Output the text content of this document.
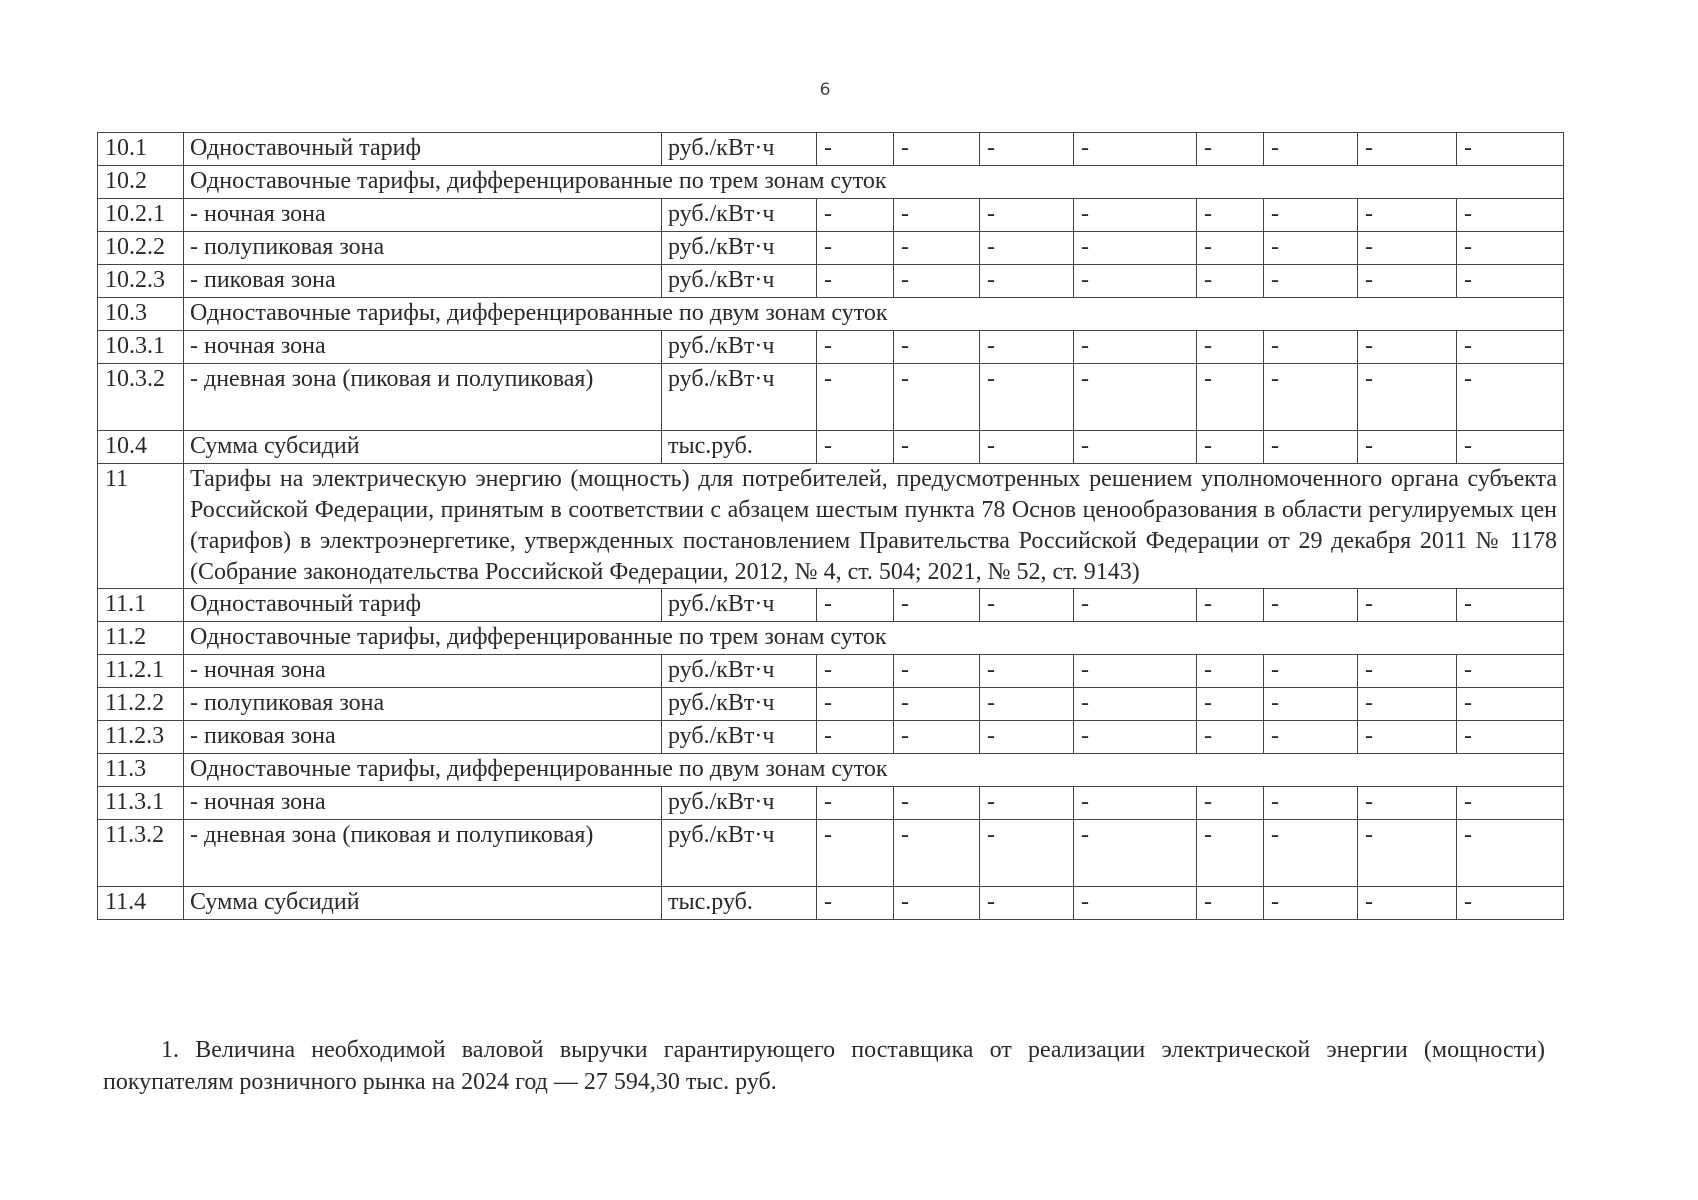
6
10.1	Одноставочный тариф	руб./кВт·ч	-	-	-	-	-	-	-	-
10.2	Одноставочные тарифы, дифференцированные по трем зонам суток									
10.2.1	- ночная зона	руб./кВт·ч	-	-	-	-	-	-	-	-
10.2.2	- полупиковая зона	руб./кВт·ч	-	-	-	-	-	-	-	-
10.2.3	- пиковая зона	руб./кВт·ч	-	-	-	-	-	-	-	-
10.3	Одноставочные тарифы, дифференцированные по двум зонам суток									
10.3.1	- ночная зона	руб./кВт·ч	-	-	-	-	-	-	-	-
10.3.2	- дневная зона (пиковая и полупиковая)	руб./кВт·ч	-	-	-	-	-	-	-	-
10.4	Сумма субсидий	тыс.руб.	-	-	-	-	-	-	-	-
11	Тарифы на электрическую энергию (мощность) для потребителей, предусмотренных решением уполномоченного органа субъекта Российской Федерации, принятым в соответствии с абзацем шестым пункта 78 Основ ценообразования в области регулируемых цен (тарифов) в электроэнергетике, утвержденных постановлением Правительства Российской Федерации от 29 декабря 2011 № 1178 (Собрание законодательства Российской Федерации, 2012, № 4, ст. 504; 2021, № 52, ст. 9143)									
11.1	Одноставочный тариф	руб./кВт·ч	-	-	-	-	-	-	-	-
11.2	Одноставочные тарифы, дифференцированные по трем зонам суток									
11.2.1	- ночная зона	руб./кВт·ч	-	-	-	-	-	-	-	-
11.2.2	- полупиковая зона	руб./кВт·ч	-	-	-	-	-	-	-	-
11.2.3	- пиковая зона	руб./кВт·ч	-	-	-	-	-	-	-	-
11.3	Одноставочные тарифы, дифференцированные по двум зонам суток									
11.3.1	- ночная зона	руб./кВт·ч	-	-	-	-	-	-	-	-
11.3.2	- дневная зона (пиковая и полупиковая)	руб./кВт·ч	-	-	-	-	-	-	-	-
11.4	Сумма субсидий	тыс.руб.	-	-	-	-	-	-	-	-

1. Величина необходимой валовой выручки гарантирующего поставщика от реализации электрической энергии (мощности) покупателям розничного рынка на 2024 год — 27 594,30 тыс. руб.
